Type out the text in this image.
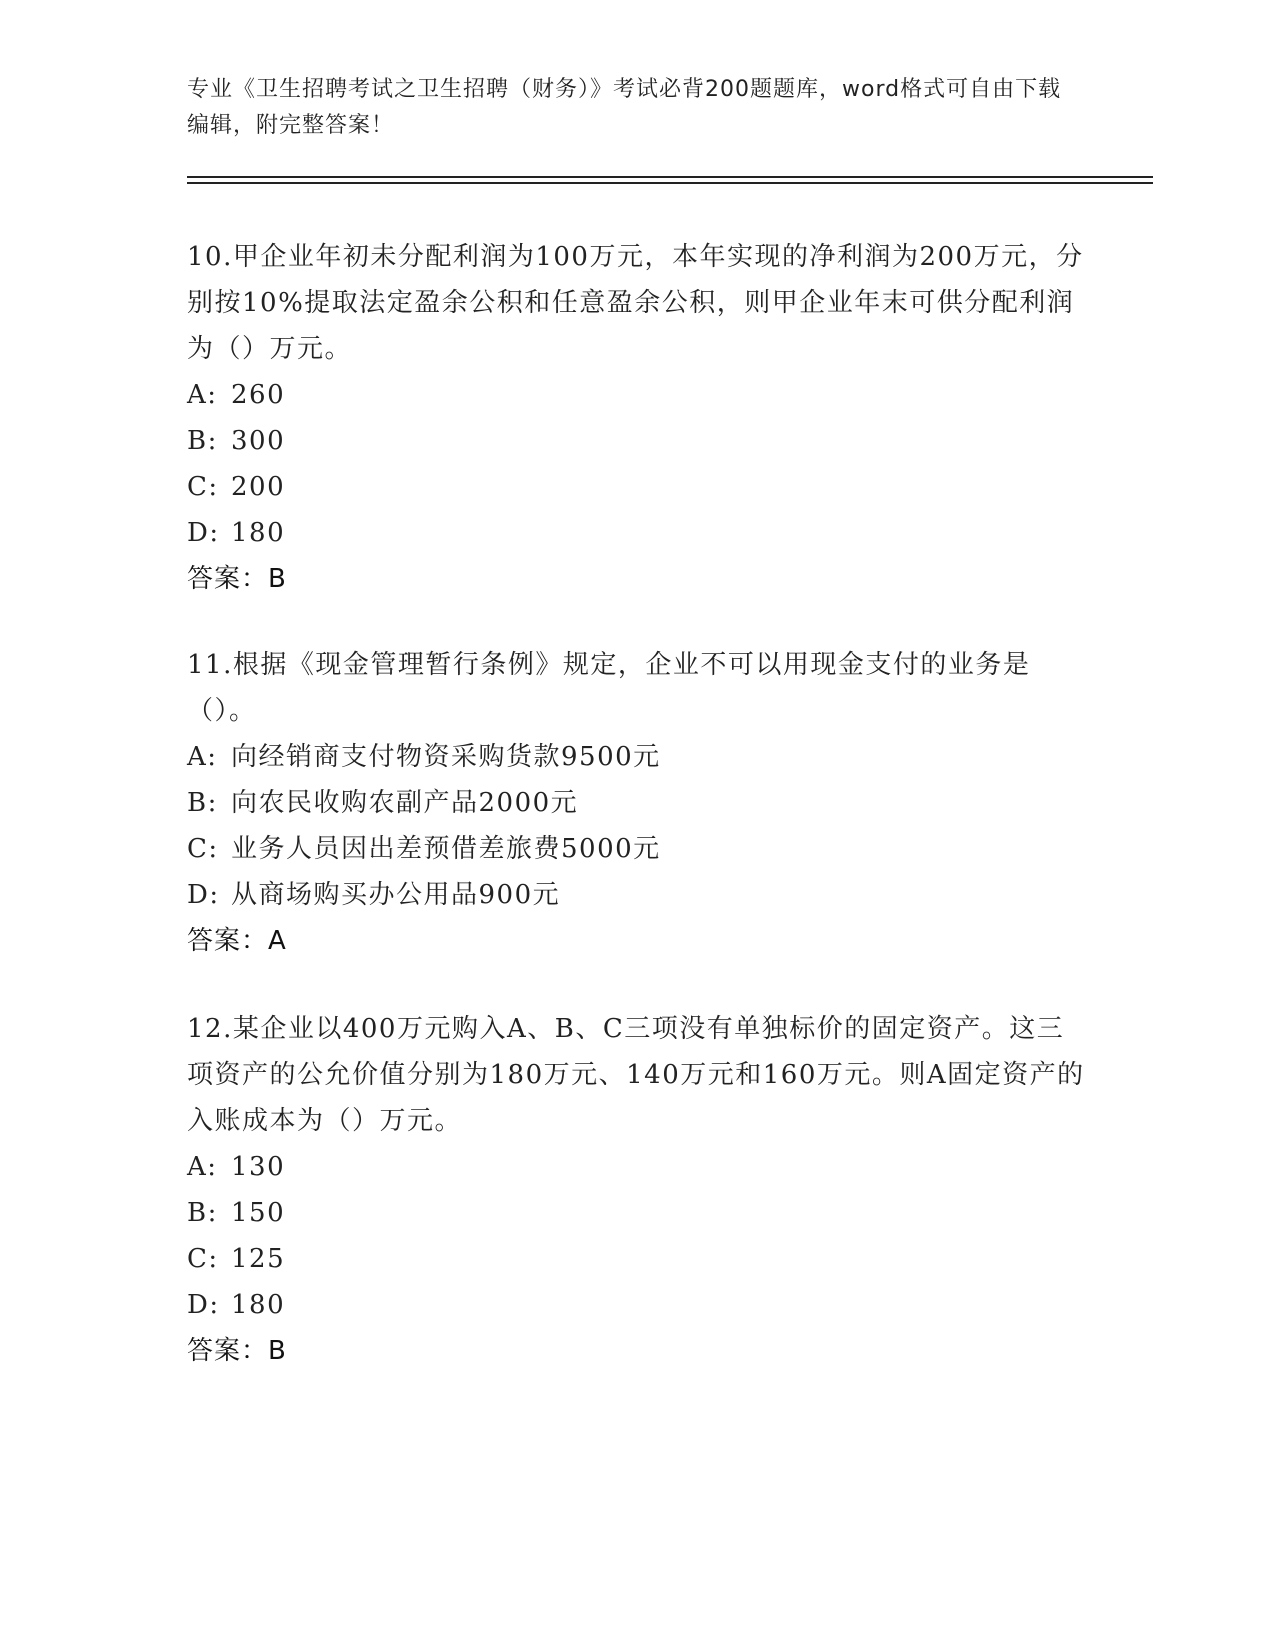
专业《卫生招聘考试之卫生招聘（财务）》考试必背200题题库，word格式可自由下载编辑，附完整答案！
10.甲企业年初未分配利润为100万元，本年实现的净利润为200万元，分别按10%提取法定盈余公积和任意盈余公积，则甲企业年末可供分配利润为（）万元。
A: 260
B: 300
C: 200
D: 180
答案：B
11.根据《现金管理暂行条例》规定，企业不可以用现金支付的业务是（）。
A: 向经销商支付物资采购货款9500元
B: 向农民收购农副产品2000元
C: 业务人员因出差预借差旅费5000元
D: 从商场购买办公用品900元
答案：A
12.某企业以400万元购入A、B、C三项没有单独标价的固定资产。这三项资产的公允价值分别为180万元、140万元和160万元。则A固定资产的入账成本为（）万元。
A: 130
B: 150
C: 125
D: 180
答案：B
